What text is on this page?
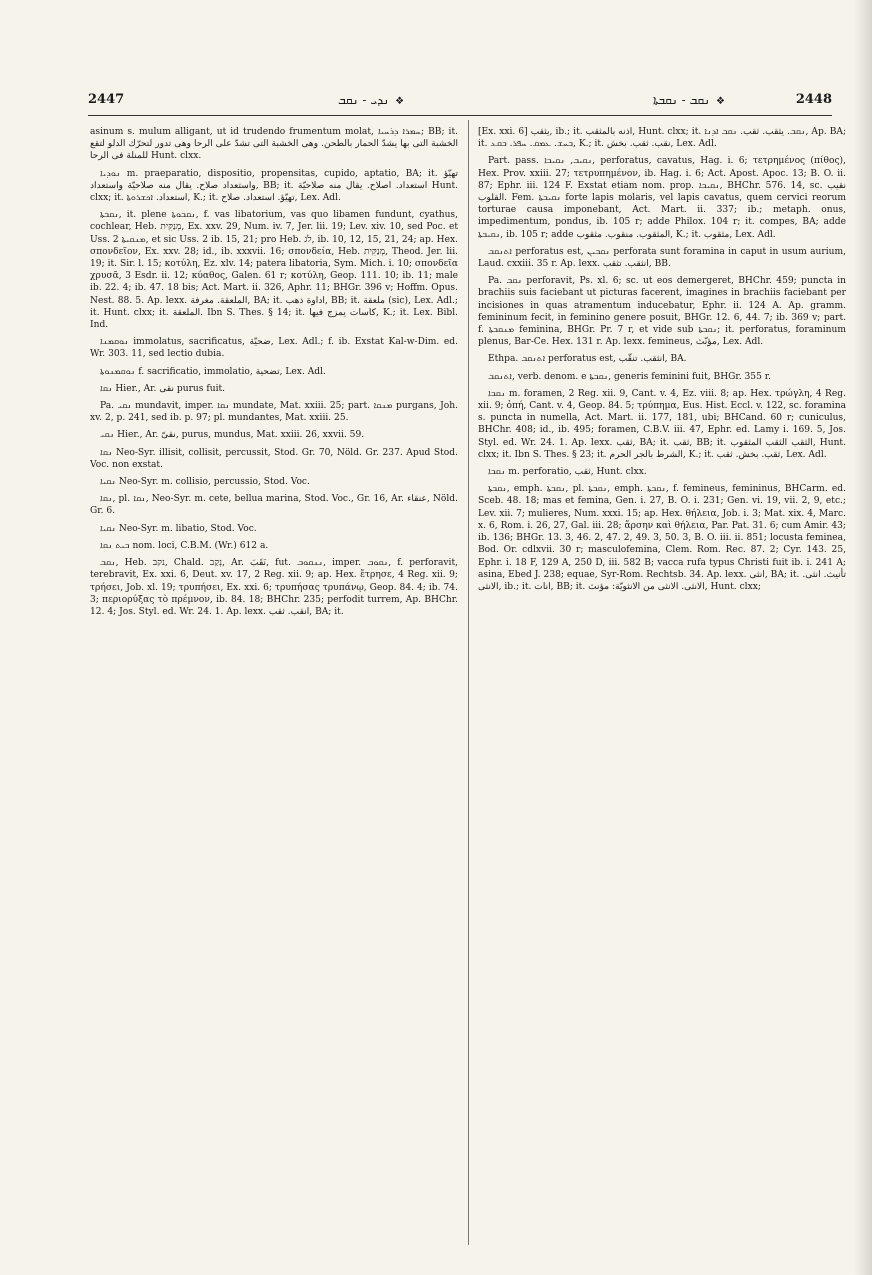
2447	❖ܢܕܝ - ܢܩܒ	❖ܢܩܒ - ܢܩܒܬܐ	2448

asinum s. mulum alligant, ut id trudendo frumentum molat, ܚܡܪܐ ܕܪܚܝܐ; BB; it. الخشبة التى بها يشدّ الحمار بالطحن. وهى الخشبة التى تشدّ على الرحا وهى تدور لتحرّك الدلو لتقع للمنلة فى الرحا Hunt. clxx.

ܢܘܕܝܐ m. praeparatio, dispositio, propensitas, cupido, aptatio, BA; it. تهيّؤ واستعداد صلاح. يقال منه صلاحيّة واستعداد, BB; it. استعداد. اصلاح. يقال منه صلاحيّة Hunt. clxx; it. استعداد. ܐܟܫܪܘܬܐ, K.; it. تهيّؤ. استعداد. صلاح, Lex. Adl.

ܢܩܒܬܐ, it. plene ܢܩܒܘܬܐ, f. vas libatorium, vas quo libamen fundunt, cyathus, cochlear, Heb. מְנַקִּית, Ex. xxv. 29, Num. iv. 7, Jer. lii. 19; Lev. xiv. 10, sed Poc. et Uss. 2 ܡܢܩܝܬܐ, et sic Uss. 2 ib. 15, 21; pro Heb. לֹג, ib. 10, 12, 15, 21, 24; ap. Hex. σπονδεῖον, Ex. xxv. 28; id., ib. xxxvii. 16; σπονδεία, Heb. מְנַקִּית, Theod. Jer. lii. 19; it. Sir. l. 15; κοτύλη, Ez. xlv. 14; patera libatoria, Sym. Mich. i. 10; σπονδεῖα χρυσᾶ, 3 Esdr. ii. 12; κύαθος, Galen. 61 r; κοτύλη, Geop. 111. 10; ib. 11; male ib. 22. 4; ib. 47. 18 bis; Act. Mart. ii. 326, Aphr. 11; BHGr. 396 v; Hoffm. Opus. Nest. 88. 5. Ap. lexx. الملعقة. مغرفة, BA; it. اداوة ذهب, BB; it. ملعقة (sic), Lex. Adl.; it. Hunt. clxx; it. الملعقة. Ibn S. Thes. § 14; it. كاسات يمزج فيها, K.; it. Lex. Bibl. Ind.

ܢܘܩܡܢܐ immolatus, sacrificatus, ضحيّة, Lex. Adl.; f. ib. Exstat Kal-w-Dim. ed. Wr. 303. 11, sed lectio dubia.

ܢܘܩܡܢܘܬܐ f. sacrificatio, immolatio, تضحية, Lex. Adl.

ܢܩܐ Hier., Ar. نقى purus fuit.

Pa. ܢܩܝ mundavit, imper. ܢܩܐ mundate, Mat. xxiii. 25; part. ܡܢܩܐ purgans, Joh. xv. 2, p. 241, sed ib. p. 97; pl. mundantes, Mat. xxiii. 25.

ܢܩܝ Hier., Ar. نقىّ, purus, mundus, Mat. xxiii. 26, xxvii. 59.

ܢܩܐ Neo-Syr. illisit, collisit, percussit, Stod. Gr. 70, Nöld. Gr. 237. Apud Stod. Voc. non exstat.

ܢܩܝܐ Neo-Syr. m. collisio, percussio, Stod. Voc.

ܢܩܐ, pl. ܢܩܐ, Neo-Syr. m. cete, bellua marina, Stod. Voc., Gr. 16, Ar. عنقاء, Nöld. Gr. 6.

ܢܩܝܐ Neo-Syr. m. libatio, Stod. Voc.

ܒܝܬ ܢܩܐ nom. loci, C.B.M. (Wr.) 612 a.

ܢܩܒ, Heb. נקב, Chald. נְקַב, Ar. نَقَبَ, fut. ܢܢܩܘܒ, imper. ܢܩܘܒ, f. perforavit, terebravit, Ex. xxi. 6, Deut. xv. 17, 2 Reg. xii. 9; ap. Hex. ἔτρησε, 4 Reg. xii. 9; τρήσει, Job. xl. 19; τρυπήσει, Ex. xxi. 6; τρυπήσας τρυπάνῳ, Geop. 84. 4; ib. 74. 3; περιορύξας τὸ πρέμνον, ib. 84. 18; BHChr. 235; perfodit turrem, Ap. BHChr. 12. 4; Jos. Styl. ed. Wr. 24. 1. Ap. lexx. انقب. ثقب, BA; it.

[Ex. xxi. 6] يثقب, ib.; it. اذنه بالمثقب, Hunt. clxx; it. ܢܩܒ. يثقب. ثقب. ܢܩܒ ܐܕܢܐ, Ap. BA; it. ܒܚܫ. ܥܡܩ. ܚܦܪ. ܒܩܥ, K.; it. نقب. ثقب. بخش, Lex. Adl.

Part. pass. ܢܩܝܒ, ܢܩܝܒܐ, perforatus, cavatus, Hag. i. 6; τετρημένος (πίθος), Hex. Prov. xxiii. 27; τετρυπημένον, ib. Hag. i. 6; Act. Apost. Apoc. 13; B. O. ii. 87; Ephr. iii. 124 F. Exstat etiam nom. prop. ܢܩܝܒܐ, BHChr. 576. 14, sc. نقيب القلوب. Fem. ܢܩܝܒܬܐ forte lapis molaris, vel lapis cavatus, quem cervici reorum torturae causa imponebant, Act. Mart. ii. 337; ib.; metaph. onus, impedimentum, pondus, ib. 105 r; adde Philox. 104 r; it. compes, BA; adde ܢܩܝܒܬܐ, ib. 105 r; adde المثقوب. منقوب. مثقوب, K.; it. مثقوب, Lex. Adl.

ܐܬܢܩܒ perforatus est, ܢܩܒܝܢ perforata sunt foramina in caput in usum aurium, Laud. cxxiii. 35 r. Ap. lexx. انثقب. تثقب, BB.

Pa. ܢܩܒ perforavit, Ps. xl. 6; sc. ut eos demergeret, BHChr. 459; puncta in brachiis suis faciebant ut picturas facerent, imagines in brachiis faciebant per incisiones in quas atramentum inducebatur, Ephr. ii. 124 A. Ap. gramm. femininum fecit, in feminino genere posuit, BHGr. 12. 6, 44. 7; ib. 369 v; part. f. ܡܢܩܒܬܐ feminina, BHGr. Pr. 7 r, et vide sub ܢܩܒܬܐ; it. perforatus, foraminum plenus, Bar-Ce. Hex. 131 r. Ap. lexx. femineus, مؤنّث, Lex. Adl.

Ethpa. ܐܬܢܩܒ perforatus est, انثقب. تنقّب, BA.

ܐܬܢܩܒ, verb. denom. e ܢܩܒܬܐ, generis feminini fuit, BHGr. 355 r.

ܢܩܒܐ m. foramen, 2 Reg. xii. 9, Cant. v. 4, Ez. viii. 8; ap. Hex. τρώγλη, 4 Reg. xii. 9; ὀπή, Cant. v. 4, Geop. 84. 5; τρύπημα, Eus. Hist. Eccl. v. 122, sc. foramina s. puncta in numella, Act. Mart. ii. 177, 181, ubi; BHCand. 60 r; cuniculus, BHChr. 408; id., ib. 495; foramen, C.B.V. iii. 47, Ephr. ed. Lamy i. 169. 5, Jos. Styl. ed. Wr. 24. 1. Ap. lexx. ثقب, BA; it. ثقب, BB; it. الثقب الثقب المثقوب, Hunt. clxx; it. Ibn S. Thes. § 23; it. الشرط بالجر الحرم, K.; it. ثقب. بخش. ثقب, Lex. Adl.

ܢܩܒܐ m. perforatio, ثقب, Hunt. clxx.

ܢܩܒܬܐ, emph. ܢܩܒܬܐ, pl. ܢܩܒܬܐ, emph. ܢܩܒܬܐ, f. femineus, femininus, BHCarm. ed. Sceb. 48. 18; mas et femina, Gen. i. 27, B. O. i. 231; Gen. vi. 19, vii. 2, 9, etc.; Lev. xii. 7; mulieres, Num. xxxi. 15; ap. Hex. θήλεια, Job. i. 3; Mat. xix. 4, Marc. x. 6, Rom. i. 26, 27, Gal. iii. 28; ἄρσην καὶ θήλεια, Par. Pat. 31. 6; cum Amir. 43; ib. 136; BHGr. 13. 3, 46. 2, 47. 2, 49. 3, 50. 3, B. O. iii. ii. 851; locusta feminea, Bod. Or. cdlxvii. 30 r; masculofemina, Clem. Rom. Rec. 87. 2; Cyr. 143. 25, Ephr. i. 18 F, 129 A, 250 D, iii. 582 B; vacca rufa typus Christi fuit ib. i. 241 A; asina, Ebed J. 238; equae, Syr-Rom. Rechtsb. 34. Ap. lexx. انثى, BA; it. تأنيث. انثى. الانثى, ib.; it. انات, BB; it. الانثى. الانثى من الانثويّة: مؤنث, Hunt. clxx;
